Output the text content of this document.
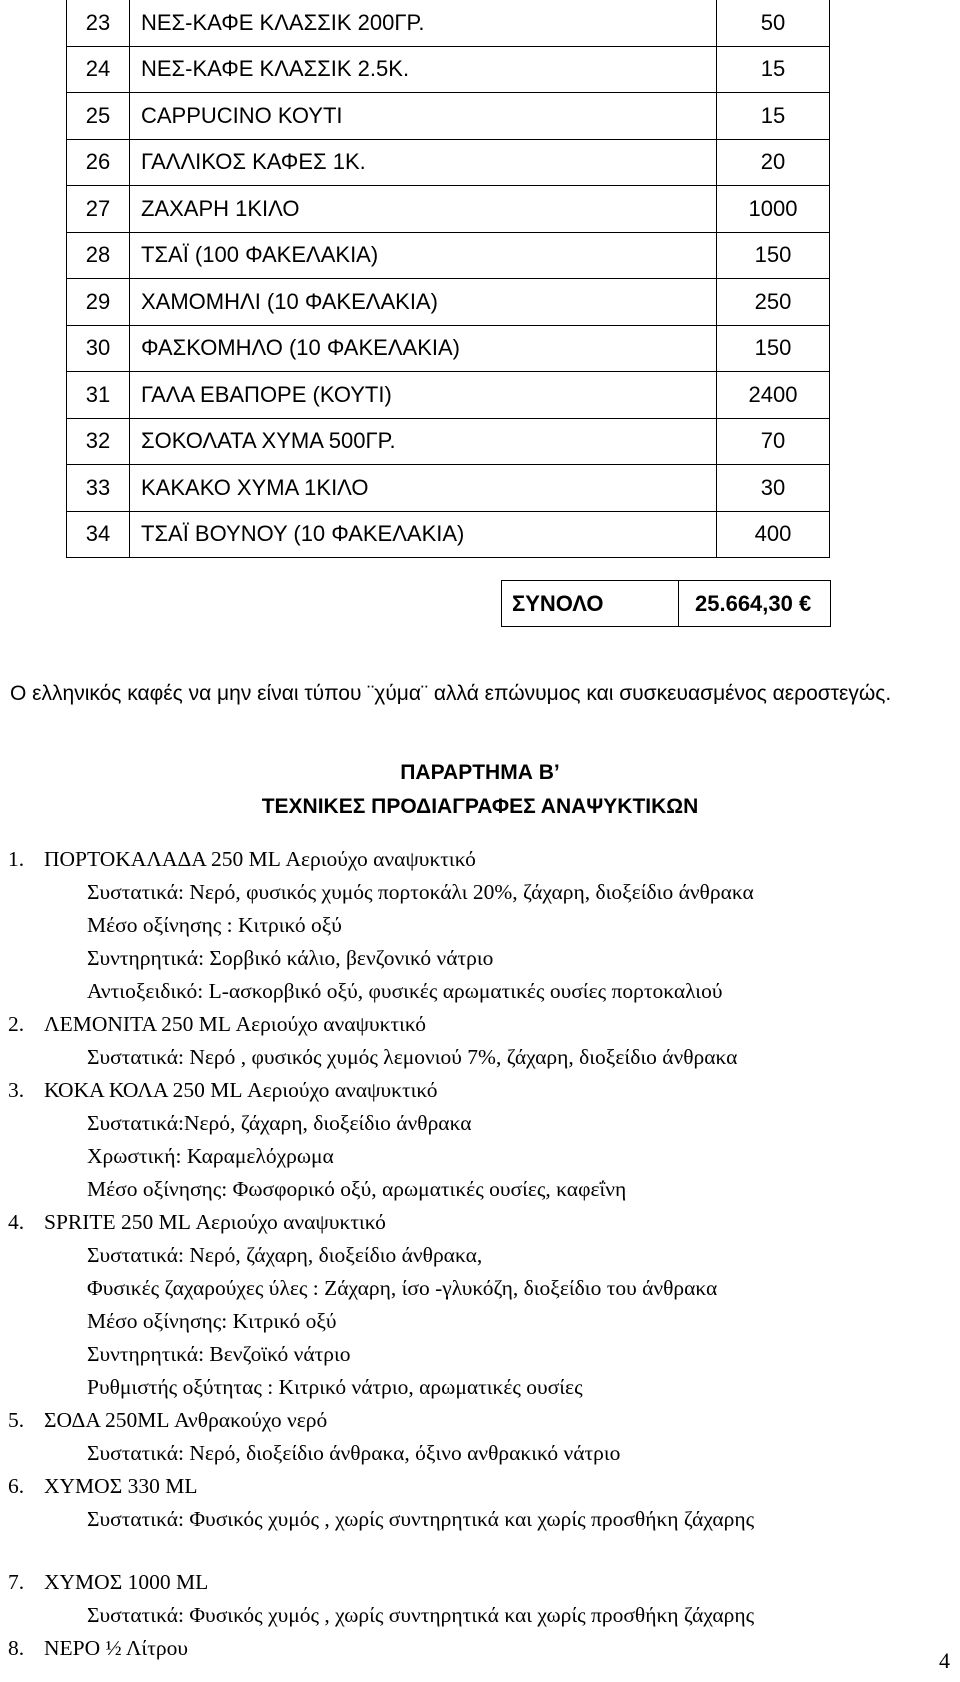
23	ΝΕΣ-ΚΑΦΕ ΚΛΑΣΣΙΚ 200ΓΡ.	50
24	ΝΕΣ-ΚΑΦΕ ΚΛΑΣΣΙΚ 2.5Κ.	15
25	CAPPUCINO ΚΟΥΤΙ	15
26	ΓΑΛΛΙΚΟΣ ΚΑΦΕΣ 1Κ.	20
27	ΖΑΧΑΡΗ 1ΚΙΛΟ	1000
28	ΤΣΑΪ (100 ΦΑΚΕΛΑΚΙΑ)	150
29	ΧΑΜΟΜΗΛΙ (10 ΦΑΚΕΛΑΚΙΑ)	250
30	ΦΑΣΚΟΜΗΛΟ (10 ΦΑΚΕΛΑΚΙΑ)	150
31	ΓΑΛΑ ΕΒΑΠΟΡΕ (ΚΟΥΤΙ)	2400
32	ΣΟΚΟΛΑΤΑ ΧΥΜΑ 500ΓΡ.	70
33	ΚΑΚΑΚΟ ΧΥΜΑ 1ΚΙΛΟ	30
34	ΤΣΑΪ ΒΟΥΝΟΥ (10 ΦΑΚΕΛΑΚΙΑ)	400
ΣΥΝΟΛΟ	25.664,30 €
Ο ελληνικός καφές να μην είναι τύπου ¨χύμα¨ αλλά επώνυμος και συσκευασμένος αεροστεγώς.
ΠΑΡΑΡΤΗΜΑ Β’
ΤΕΧΝΙΚΕΣ ΠΡΟΔΙΑΓΡΑΦΕΣ ΑΝΑΨΥΚΤΙΚΩΝ
1. ΠΟΡΤΟΚΑΛΑΔΑ 250 ML Αεριούχο αναψυκτικό
Συστατικά: Νερό, φυσικός χυμός πορτοκάλι 20%, ζάχαρη, διοξείδιο άνθρακα
Μέσο οξίνησης : Κιτρικό οξύ
Συντηρητικά: Σορβικό κάλιο, βενζονικό νάτριο
Αντιοξειδικό: L-ασκορβικό οξύ, φυσικές αρωματικές ουσίες πορτοκαλιού
2. ΛΕΜΟΝΙΤΑ 250 ML Αεριούχο αναψυκτικό
Συστατικά: Νερό , φυσικός χυμός λεμονιού 7%, ζάχαρη, διοξείδιο άνθρακα
3. ΚΟΚΑ ΚΟΛΑ 250 ML Αεριούχο αναψυκτικό
Συστατικά:Νερό, ζάχαρη, διοξείδιο άνθρακα
Χρωστική: Καραμελόχρωμα
Μέσο οξίνησης: Φωσφορικό οξύ, αρωματικές ουσίες, καφεΐνη
4. SPRITE 250 ML Αεριούχο αναψυκτικό
Συστατικά: Νερό, ζάχαρη, διοξείδιο άνθρακα,
Φυσικές ζαχαρούχες ύλες : Ζάχαρη, ίσο -γλυκόζη, διοξείδιο του άνθρακα
Μέσο οξίνησης: Κιτρικό οξύ
Συντηρητικά: Βενζοϊκό νάτριο
Ρυθμιστής οξύτητας : Κιτρικό νάτριο, αρωματικές ουσίες
5. ΣΟΔΑ 250ML Ανθρακούχο νερό
Συστατικά: Νερό, διοξείδιο άνθρακα, όξινο ανθρακικό νάτριο
6. ΧΥΜΟΣ 330 ML
Συστατικά: Φυσικός χυμός , χωρίς συντηρητικά και χωρίς προσθήκη ζάχαρης
7. ΧΥΜΟΣ 1000 ML
Συστατικά: Φυσικός χυμός , χωρίς συντηρητικά και χωρίς προσθήκη ζάχαρης
8. ΝΕΡΟ ½ Λίτρου	4
